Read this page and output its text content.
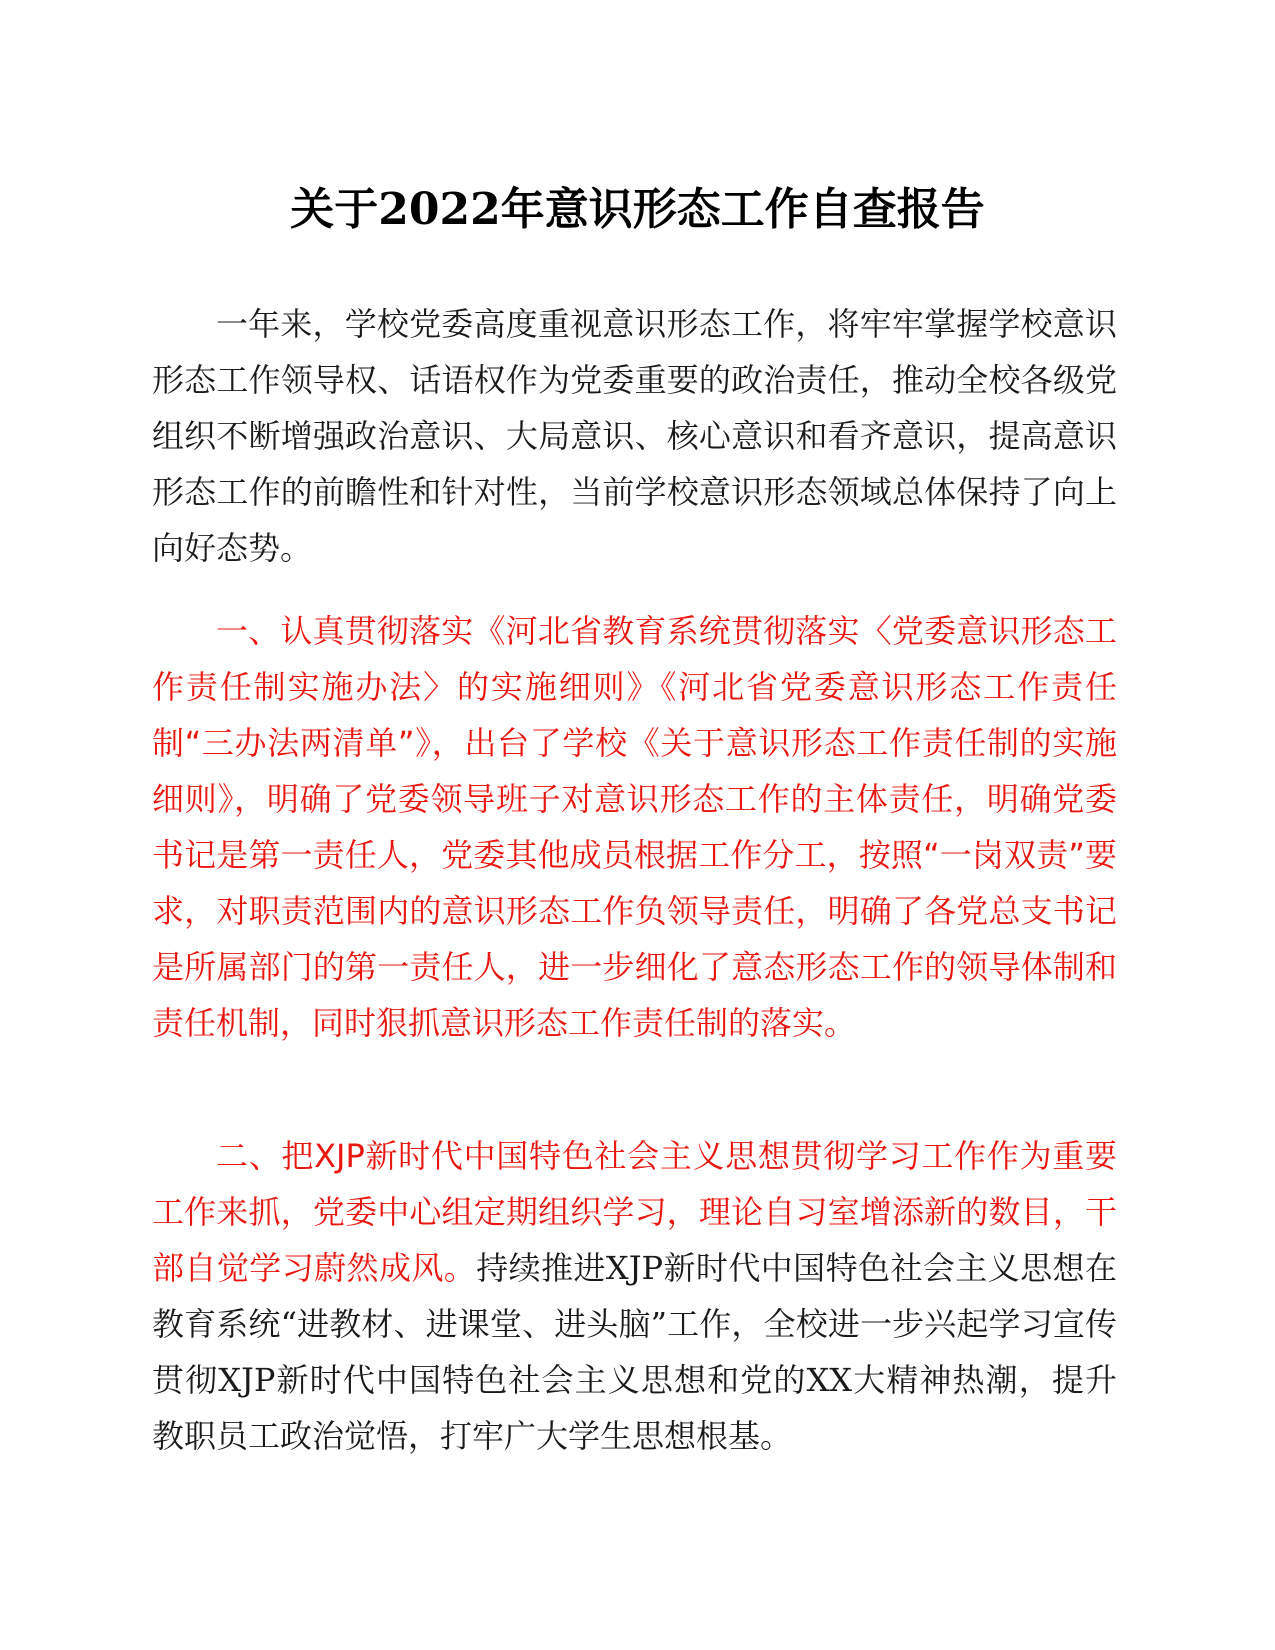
关于2022年意识形态工作自查报告

一年来，学校党委高度重视意识形态工作，将牢牢掌握学校意识形态工作领导权、话语权作为党委重要的政治责任，推动全校各级党组织不断增强政治意识、大局意识、核心意识和看齐意识，提高意识形态工作的前瞻性和针对性，当前学校意识形态领域总体保持了向上向好态势。

一、认真贯彻落实《河北省教育系统贯彻落实〈党委意识形态工作责任制实施办法〉的实施细则》《河北省党委意识形态工作责任制“三办法两清单”》，出台了学校《关于意识形态工作责任制的实施细则》，明确了党委领导班子对意识形态工作的主体责任，明确党委书记是第一责任人，党委其他成员根据工作分工，按照“一岗双责”要求，对职责范围内的意识形态工作负领导责任，明确了各党总支书记是所属部门的第一责任人，进一步细化了意态形态工作的领导体制和责任机制，同时狠抓意识形态工作责任制的落实。

二、把XJP新时代中国特色社会主义思想贯彻学习工作作为重要工作来抓，党委中心组定期组织学习，理论自习室增添新的数目，干部自觉学习蔚然成风。持续推进XJP新时代中国特色社会主义思想在教育系统“进教材、进课堂、进头脑”工作，全校进一步兴起学习宣传贯彻XJP新时代中国特色社会主义思想和党的XX大精神热潮，提升教职员工政治觉悟，打牢广大学生思想根基。
